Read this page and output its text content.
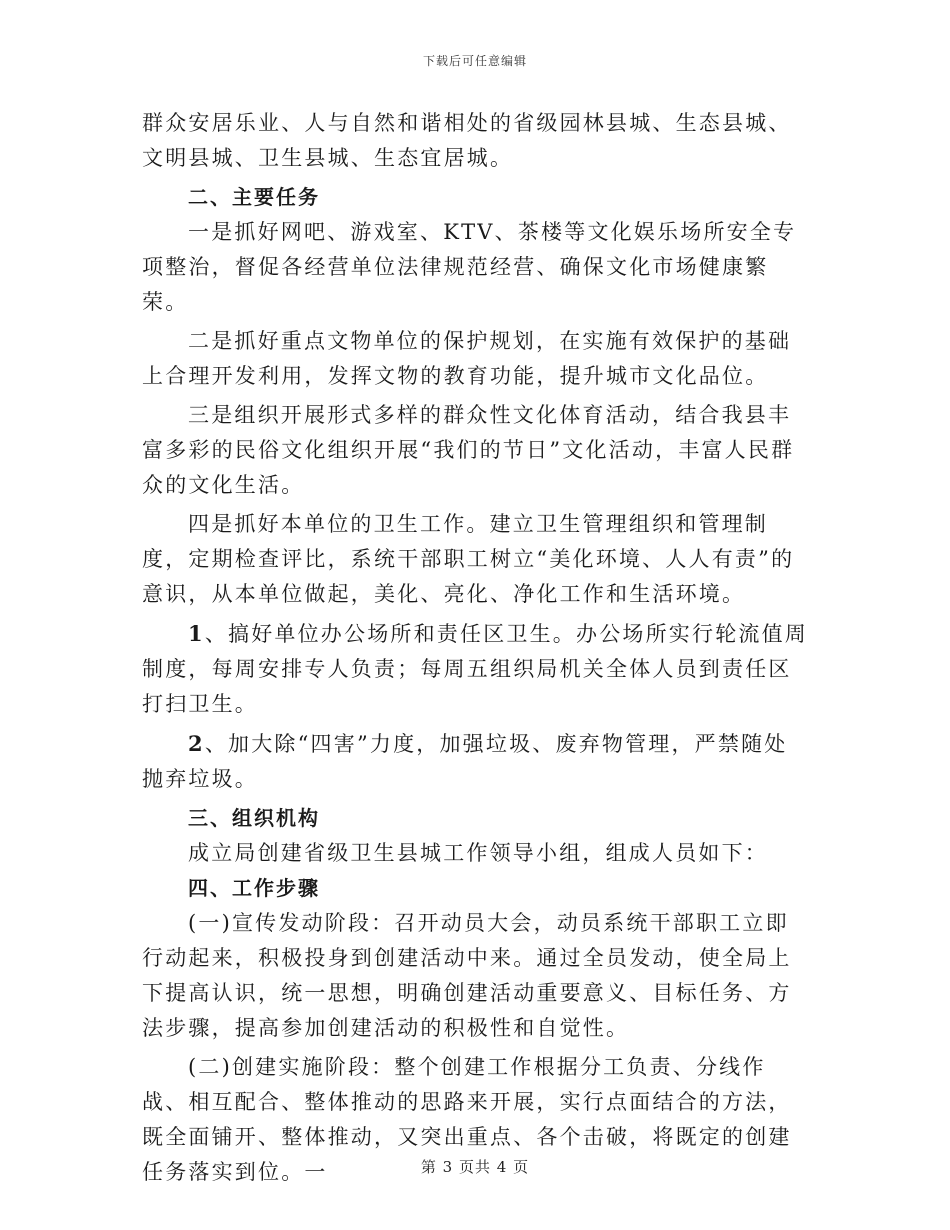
下载后可任意编辑

群众安居乐业、人与自然和谐相处的省级园林县城、生态县城、文明县城、卫生县城、生态宜居城。

二、主要任务

一是抓好网吧、游戏室、KTV、茶楼等文化娱乐场所安全专项整治，督促各经营单位法律规范经营、确保文化市场健康繁荣。

二是抓好重点文物单位的保护规划，在实施有效保护的基础上合理开发利用，发挥文物的教育功能，提升城市文化品位。

三是组织开展形式多样的群众性文化体育活动，结合我县丰富多彩的民俗文化组织开展“我们的节日”文化活动，丰富人民群众的文化生活。

四是抓好本单位的卫生工作。建立卫生管理组织和管理制度，定期检查评比，系统干部职工树立“美化环境、人人有责”的意识，从本单位做起，美化、亮化、净化工作和生活环境。

1、搞好单位办公场所和责任区卫生。办公场所实行轮流值周制度，每周安排专人负责；每周五组织局机关全体人员到责任区打扫卫生。

2、加大除“四害”力度，加强垃圾、废弃物管理，严禁随处抛弃垃圾。

三、组织机构

成立局创建省级卫生县城工作领导小组，组成人员如下：

四、工作步骤

(一)宣传发动阶段：召开动员大会，动员系统干部职工立即行动起来，积极投身到创建活动中来。通过全员发动，使全局上下提高认识，统一思想，明确创建活动重要意义、目标任务、方法步骤，提高参加创建活动的积极性和自觉性。

(二)创建实施阶段：整个创建工作根据分工负责、分线作战、相互配合、整体推动的思路来开展，实行点面结合的方法，既全面铺开、整体推动，又突出重点、各个击破，将既定的创建任务落实到位。一	第 3 页共 4 页
